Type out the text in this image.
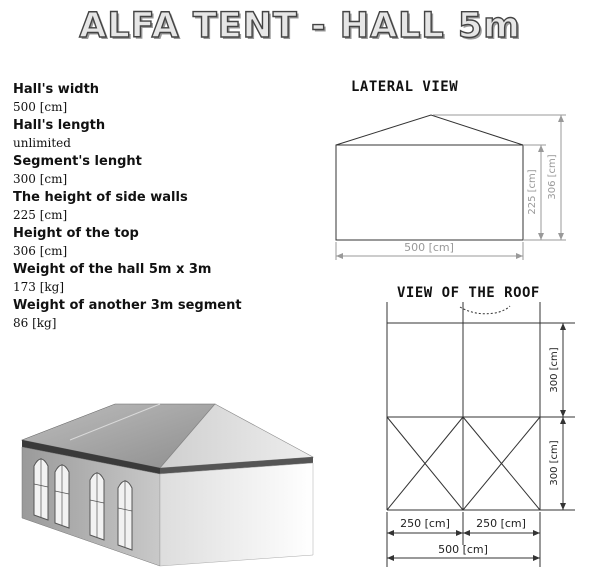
ALFA TENT - HALL 5m
Hall's width
500 [cm]
Hall's length
unlimited
Segment's lenght
300 [cm]
The height of side walls
225 [cm]
Height of the top
306 [cm]
Weight of the hall 5m x 3m
173 [kg]
Weight of another 3m segment
86 [kg]
LATERAL VIEW
500 [cm]
225 [cm] 306 [cm]
VIEW OF THE ROOF
300 [cm]
300 [cm]
250 [cm] 250 [cm]
500 [cm]
